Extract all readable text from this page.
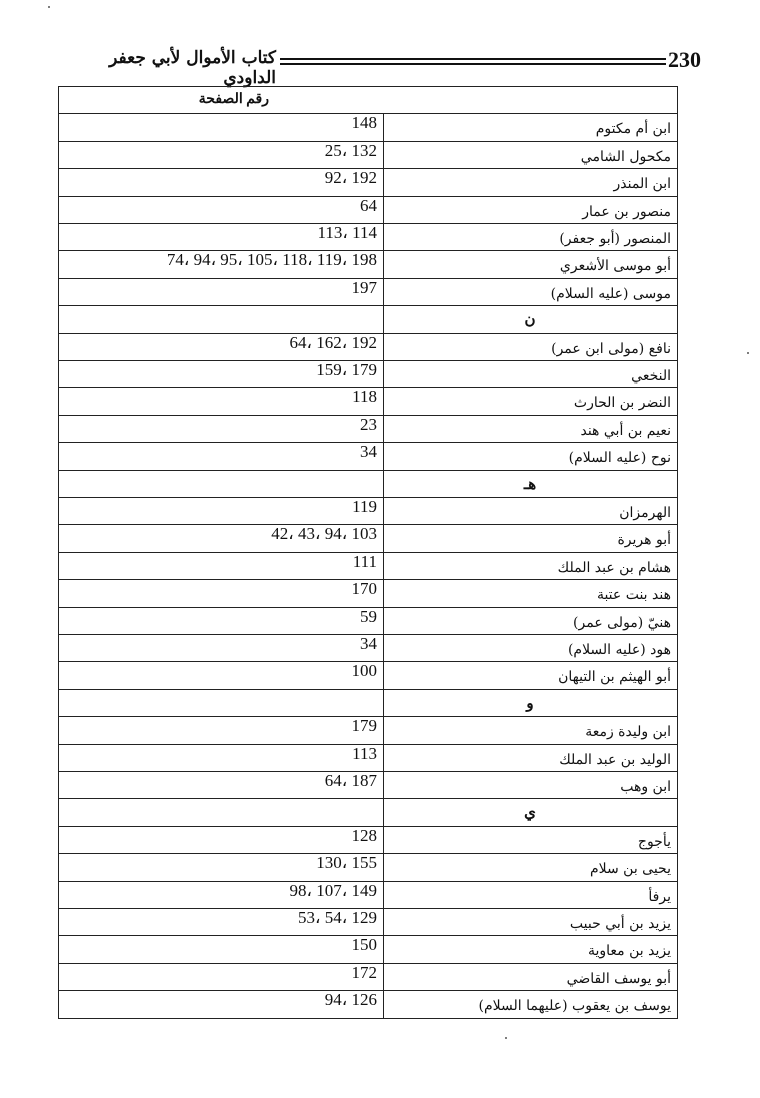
230
كتاب الأموال لأبي جعفر الداودي
رقم الصفحة
148	ابن أم مكتوم
25، 132	مكحول الشامي
92، 192	ابن المنذر
64	منصور بن عمار
113، 114	المنصور (أبو جعفر)
74، 94، 95، 105، 118، 119، 198	أبو موسى الأشعري
197	موسى (عليه السلام)
ن
64، 162، 192	نافع (مولى ابن عمر)
159، 179	النخعي
118	النضر بن الحارث
23	نعيم بن أبي هند
34	نوح (عليه السلام)
هـ
119	الهرمزان
42، 43، 94، 103	أبو هريرة
111	هشام بن عبد الملك
170	هند بنت عتبة
59	هنيّ (مولى عمر)
34	هود (عليه السلام)
100	أبو الهيثم بن التيهان
و
179	ابن وليدة زمعة
113	الوليد بن عبد الملك
64، 187	ابن وهب
ي
128	يأجوج
130، 155	يحيى بن سلام
98، 107، 149	يرفأ
53، 54، 129	يزيد بن أبي حبيب
150	يزيد بن معاوية
172	أبو يوسف القاضي
94، 126	يوسف بن يعقوب (عليهما السلام)
